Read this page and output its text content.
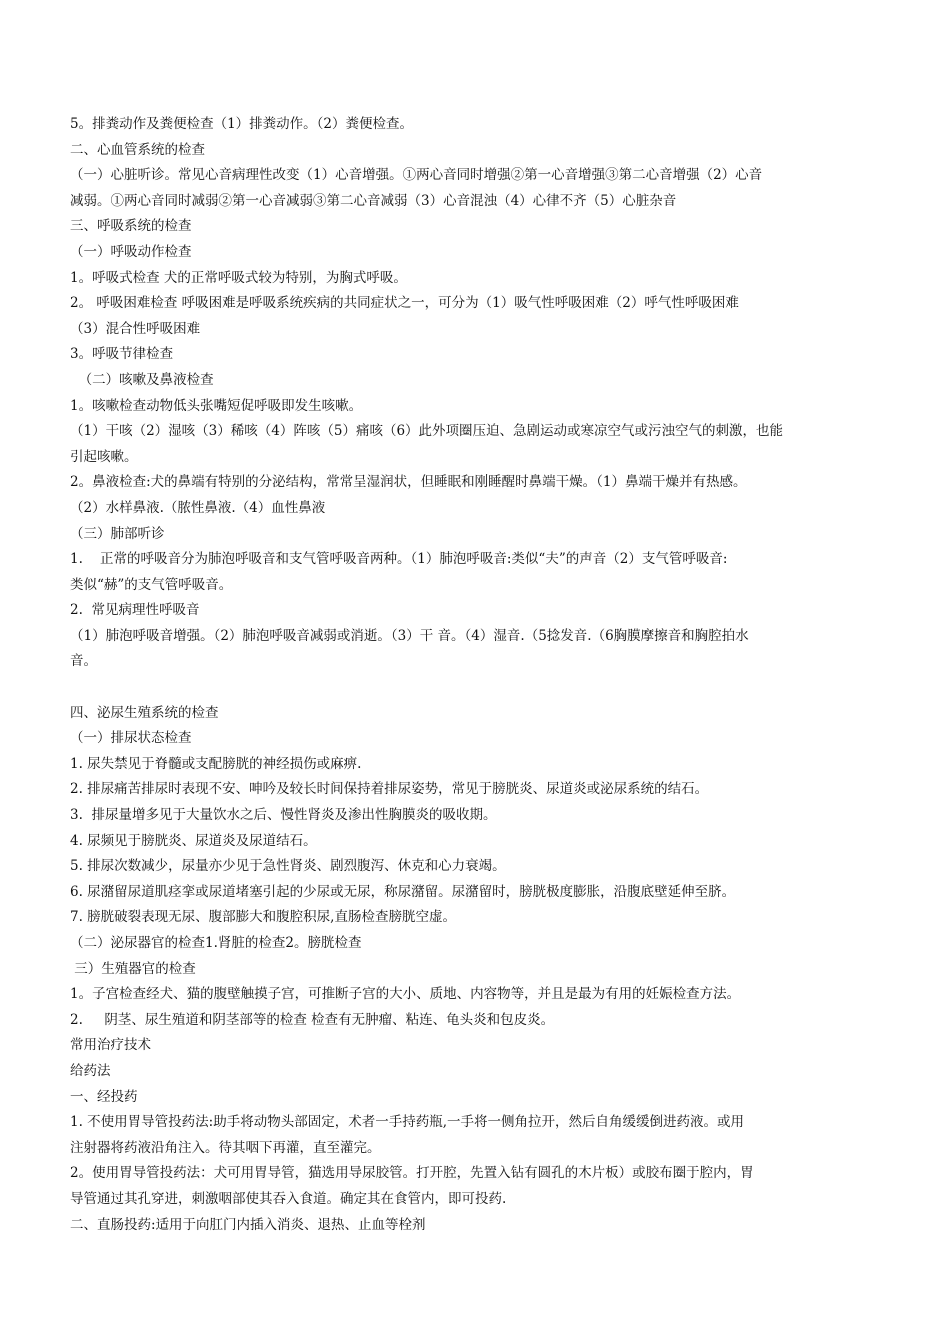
5。排粪动作及粪便检查（1）排粪动作。（2）粪便检查。
二、心血管系统的检查
（一）心脏听诊。常见心音病理性改变（1）心音增强。①两心音同时增强②第一心音增强③第二心音增强（2）心音
减弱。①两心音同时减弱②第一心音减弱③第二心音减弱（3）心音混浊（4）心律不齐（5）心脏杂音
三、呼吸系统的检查
（一）呼吸动作检查
1。呼吸式检查 犬的正常呼吸式较为特别，为胸式呼吸。
2。 呼吸困难检查 呼吸困难是呼吸系统疾病的共同症状之一，可分为（1）吸气性呼吸困难（2）呼气性呼吸困难
（3）混合性呼吸困难
3。呼吸节律检查
（二）咳嗽及鼻液检查
1。咳嗽检查动物低头张嘴短促呼吸即发生咳嗽。
（1）干咳（2）湿咳（3）稀咳（4）阵咳（5）痛咳（6）此外项圈压迫、急剧运动或寒凉空气或污浊空气的刺激，也能
引起咳嗽。
2。鼻液检查:犬的鼻端有特别的分泌结构，常常呈湿润状，但睡眠和刚睡醒时鼻端干燥。（1）鼻端干燥并有热感。
（2）水样鼻液.（脓性鼻液.（4）血性鼻液
（三）肺部听诊
1.    正常的呼吸音分为肺泡呼吸音和支气管呼吸音两种。（1）肺泡呼吸音:类似“夫”的声音（2）支气管呼吸音:
类似“赫”的支气管呼吸音。
2.  常见病理性呼吸音
（1）肺泡呼吸音增强。（2）肺泡呼吸音减弱或消逝。（3）干 音。（4）湿音.（5捻发音.（6胸膜摩擦音和胸腔拍水
音。
四、泌尿生殖系统的检查
（一）排尿状态检查
1. 尿失禁见于脊髓或支配膀胱的神经损伤或麻痹.
2. 排尿痛苦排尿时表现不安、呻吟及较长时间保持着排尿姿势，常见于膀胱炎、尿道炎或泌尿系统的结石。
3.  排尿量增多见于大量饮水之后、慢性肾炎及渗出性胸膜炎的吸收期。
4. 尿频见于膀胱炎、尿道炎及尿道结石。
5. 排尿次数减少，尿量亦少见于急性肾炎、剧烈腹泻、休克和心力衰竭。
6. 尿潴留尿道肌痉挛或尿道堵塞引起的少尿或无尿，称尿潴留。尿潴留时，膀胱极度膨胀，沿腹底壁延伸至脐。
7. 膀胱破裂表现无尿、腹部膨大和腹腔积尿,直肠检查膀胱空虚。
（二）泌尿器官的检查1.肾脏的检查2。膀胱检查
三）生殖器官的检查
1。子宫检查经犬、猫的腹壁触摸子宫，可推断子宫的大小、质地、内容物等，并且是最为有用的妊娠检查方法。
2.     阴茎、尿生殖道和阴茎部等的检查 检查有无肿瘤、粘连、龟头炎和包皮炎。
常用治疗技术
给药法
一、经投药
1. 不使用胃导管投药法:助手将动物头部固定，术者一手持药瓶,一手将一侧角拉开，然后自角缓缓倒进药液。或用
注射器将药液沿角注入。待其咽下再灌，直至灌完。
2。使用胃导管投药法：犬可用胃导管，猫选用导尿胶管。打开腔，先置入钻有圆孔的木片板）或胶布圈于腔内，胃
导管通过其孔穿进，刺激咽部使其吞入食道。确定其在食管内，即可投药.
二、直肠投药:适用于向肛门内插入消炎、退热、止血等栓剂
